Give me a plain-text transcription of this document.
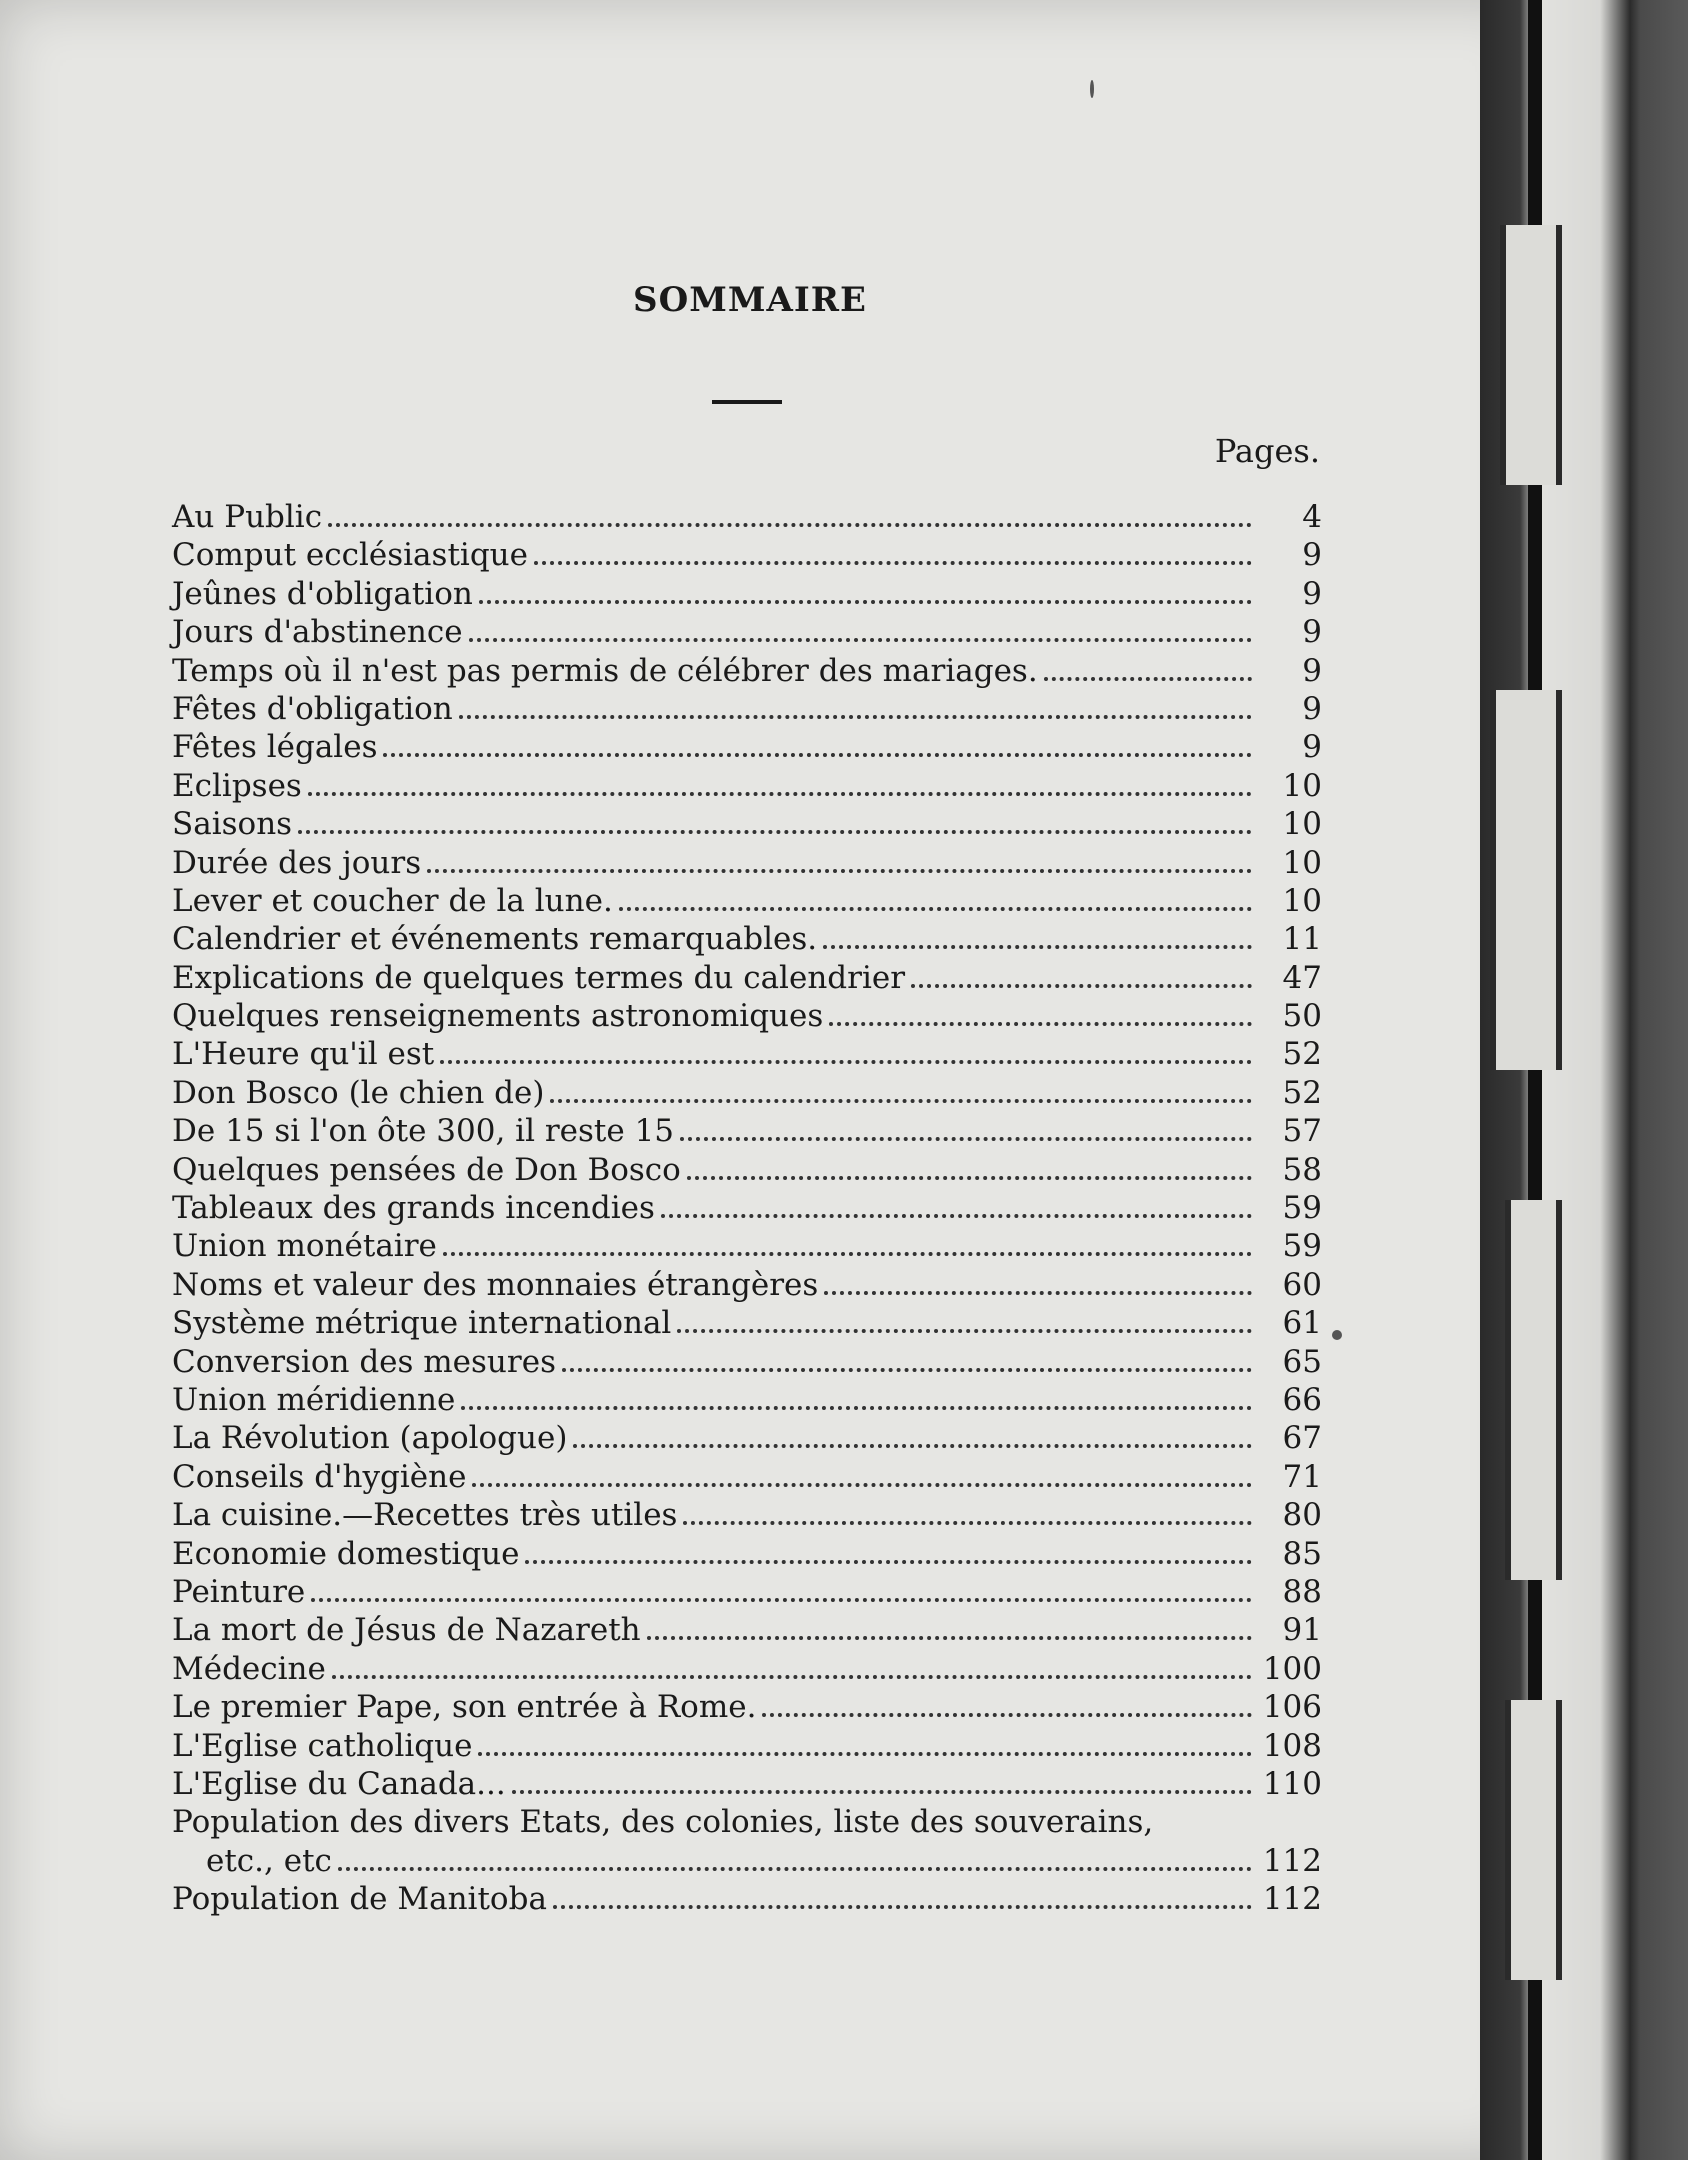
SOMMAIRE
Pages.
Au Public	4
Comput ecclésiastique	9
Jeûnes d'obligation	9
Jours d'abstinence	9
Temps où il n'est pas permis de célébrer des mariages.	9
Fêtes d'obligation	9
Fêtes légales	9
Eclipses	10
Saisons	10
Durée des jours	10
Lever et coucher de la lune.	10
Calendrier et événements remarquables.	11
Explications de quelques termes du calendrier	47
Quelques renseignements astronomiques	50
L'Heure qu'il est	52
Don Bosco (le chien de)	52
De 15 si l'on ôte 300, il reste 15	57
Quelques pensées de Don Bosco	58
Tableaux des grands incendies	59
Union monétaire	59
Noms et valeur des monnaies étrangères	60
Système métrique international	61
Conversion des mesures	65
Union méridienne	66
La Révolution (apologue)	67
Conseils d'hygiène	71
La cuisine.—Recettes très utiles	80
Economie domestique	85
Peinture	88
La mort de Jésus de Nazareth	91
Médecine	100
Le premier Pape, son entrée à Rome.	106
L'Eglise catholique	108
L'Eglise du Canada...	110
Population des divers Etats, des colonies, liste des souverains,
etc., etc	112
Population de Manitoba	112
